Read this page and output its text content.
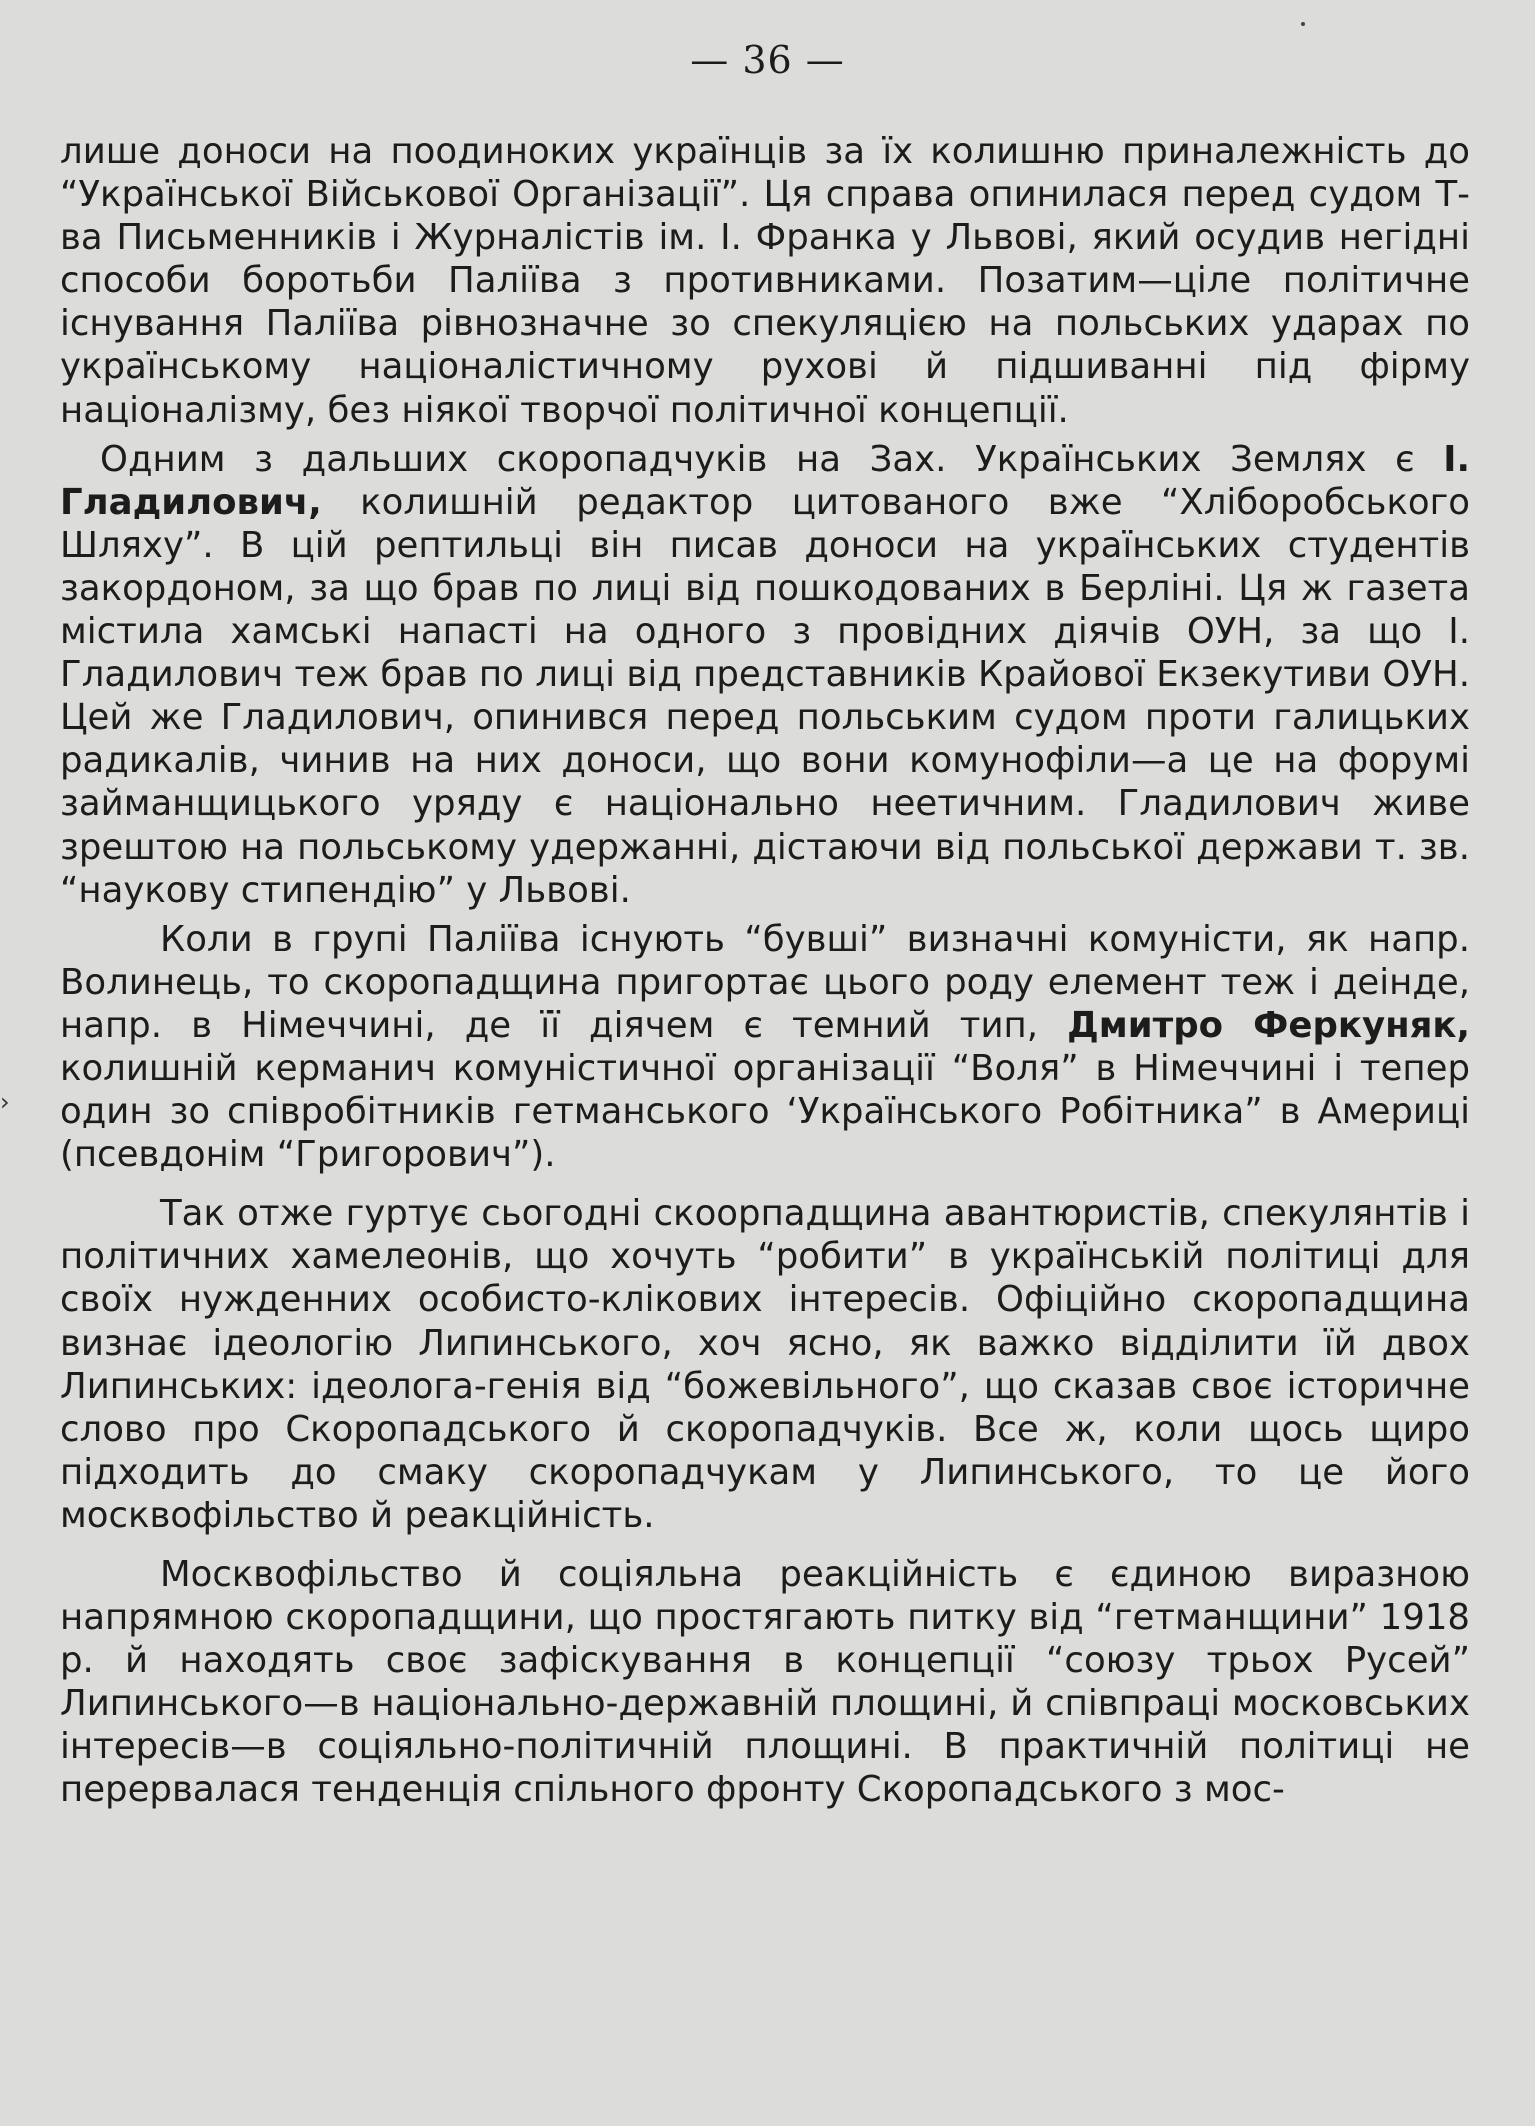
— 36 —
›

лише доноси на поодиноких українців за їх колишню приналежність до “Української Військової Організації”. Ця справа опинилася перед судом Т-ва Письменників і Журналістів ім. І. Франка у Львові, який осудив негідні способи боротьби Паліїва з противниками. Позатим—ціле політичне існування Паліїва рівнозначне зо спекуляцією на польських ударах по українському націоналістичному рухові й підшиванні під фірму націоналізму, без ніякої творчої політичної концепції.

Одним з дальших скоропадчуків на Зах. Українських Землях є І. Гладилович, колишній редактор цитованого вже “Хліборобського Шляху”. В цій рептильці він писав доноси на українських студентів закордоном, за що брав по лиці від пошкодованих в Берліні. Ця ж газета містила хамські напасті на одного з провідних діячів ОУН, за що І. Гладилович теж брав по лиці від представників Крайової Екзекутиви ОУН. Цей же Гладилович, опинився перед польським судом проти галицьких радикалів, чинив на них доноси, що вони комунофіли—а це на форумі займанщицького уряду є національно неетичним. Гладилович живе зрештою на польському удержанні, дістаючи від польської держави т. зв. “наукову стипендію” у Львові.

Коли в групі Паліїва існують “бувші” визначні комуністи, як напр. Волинець, то скоропадщина пригортає цього роду елемент теж і деінде, напр. в Німеччині, де її діячем є темний тип, Дмитро Феркуняк, колишній керманич комуністичної організації “Воля” в Німеччині і тепер один зо співробітників гетманського ‘Українського Робітника” в Америці (псевдонім “Григорович”).

Так отже гуртує сьогодні скоорпадщина авантюристів, спекулянтів і політичних хамелеонів, що хочуть “робити” в українській політиці для своїх нужденних особисто-клікових інтересів. Офіційно скоропадщина визнає ідеологію Липинського, хоч ясно, як важко відділити їй двох Липинських: ідеолога-генія від “божевільного”, що сказав своє історичне слово про Скоропадського й скоропадчуків. Все ж, коли щось щиро підходить до смаку скоропадчукам у Липинського, то це його москвофільство й реакційність.

Москвофільство й соціяльна реакційність є єдиною виразною напрямною скоропадщини, що простягають питку від “гетманщини” 1918 р. й находять своє зафіскування в концепції “союзу трьох Русей” Липинського—в національно-державній площині, й співпраці московських інтересів—в соціяльно-політичній площині. В практичній політиці не перервалася тенденція спільного фронту Скоропадського з мос-
